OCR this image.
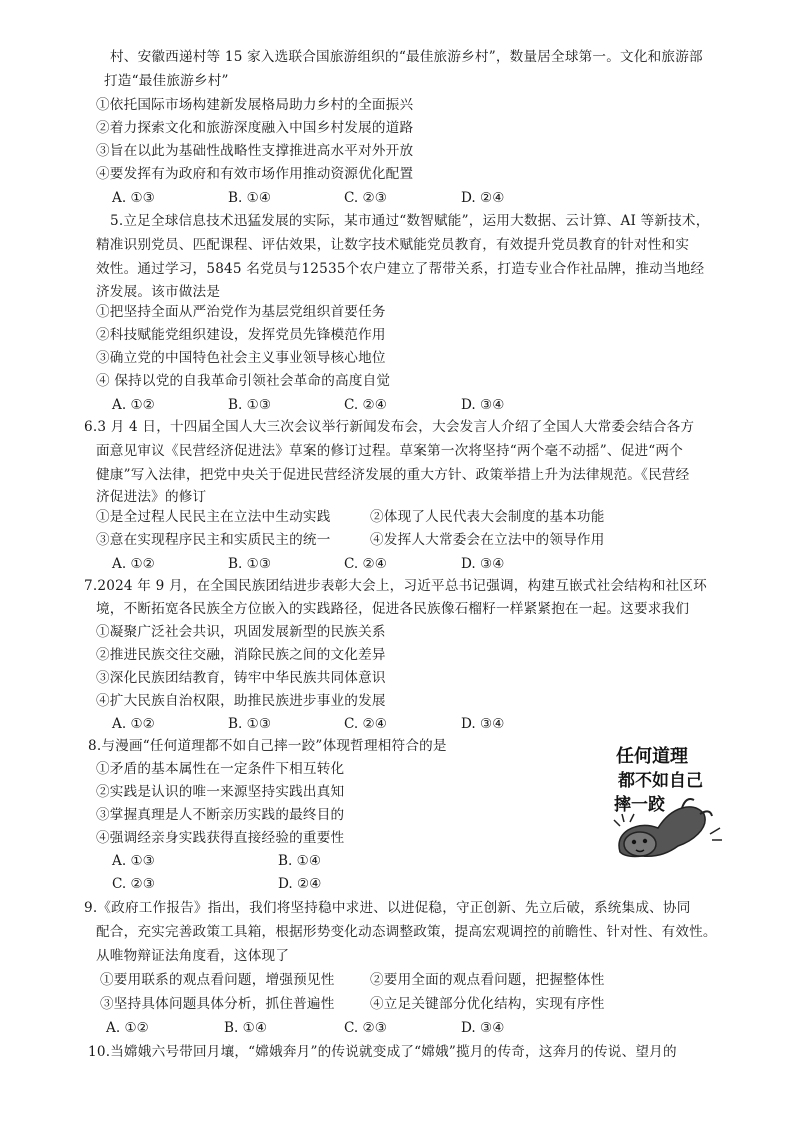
村、安徽西递村等 15 家入选联合国旅游组织的“最佳旅游乡村”，数量居全球第一。文化和旅游部
打造“最佳旅游乡村”
①依托国际市场构建新发展格局助力乡村的全面振兴
②着力探索文化和旅游深度融入中国乡村发展的道路
③旨在以此为基础性战略性支撑推进高水平对外开放
④要发挥有为政府和有效市场作用推动资源优化配置
A. ①③	B. ①④	C. ②③	D. ②④
5.立足全球信息技术迅猛发展的实际，某市通过“数智赋能”，运用大数据、云计算、AI 等新技术，
精准识别党员、匹配课程、评估效果，让数字技术赋能党员教育，有效提升党员教育的针对性和实
效性。通过学习，5845 名党员与12535个农户建立了帮带关系，打造专业合作社品牌，推动当地经
济发展。该市做法是
①把坚持全面从严治党作为基层党组织首要任务
②科技赋能党组织建设，发挥党员先锋模范作用
③确立党的中国特色社会主义事业领导核心地位
④ 保持以党的自我革命引领社会革命的高度自觉
A. ①②	B. ①③	C. ②④	D. ③④
6.3 月 4 日，十四届全国人大三次会议举行新闻发布会，大会发言人介绍了全国人大常委会结合各方
面意见审议《民营经济促进法》草案的修订过程。草案第一次将坚持“两个毫不动摇”、促进“两个
健康”写入法律，把党中央关于促进民营经济发展的重大方针、政策举措上升为法律规范。《民营经
济促进法》的修订
①是全过程人民民主在立法中生动实践	②体现了人民代表大会制度的基本功能
③意在实现程序民主和实质民主的统一	④发挥人大常委会在立法中的领导作用
A. ①②	B. ①③	C. ②④	D. ③④
7.2024 年 9 月，在全国民族团结进步表彰大会上，习近平总书记强调，构建互嵌式社会结构和社区环
境，不断拓宽各民族全方位嵌入的实践路径，促进各民族像石榴籽一样紧紧抱在一起。这要求我们
①凝聚广泛社会共识，巩固发展新型的民族关系
②推进民族交往交融，消除民族之间的文化差异
③深化民族团结教育，铸牢中华民族共同体意识
④扩大民族自治权限，助推民族进步事业的发展
A. ①②	B. ①③	C. ②④	D. ③④
8.与漫画“任何道理都不如自己摔一跤”体现哲理相符合的是
①矛盾的基本属性在一定条件下相互转化
②实践是认识的唯一来源坚持实践出真知
③掌握真理是人不断亲历实践的最终目的
④强调经亲身实践获得直接经验的重要性
A. ①③	B. ①④
C. ②③	D. ②④
任何道理
都不如自己
摔一跤
9.《政府工作报告》指出，我们将坚持稳中求进、以进促稳，守正创新、先立后破，系统集成、协同
配合，充实完善政策工具箱，根据形势变化动态调整政策，提高宏观调控的前瞻性、针对性、有效性。
从唯物辩证法角度看，这体现了
①要用联系的观点看问题，增强预见性	②要用全面的观点看问题，把握整体性
③坚持具体问题具体分析，抓住普遍性	④立足关键部分优化结构，实现有序性
A. ①②	B. ①④	C. ②③	D. ③④
10.当嫦娥六号带回月壤，“嫦娥奔月”的传说就变成了“嫦娥”揽月的传奇，这奔月的传说、望月的
